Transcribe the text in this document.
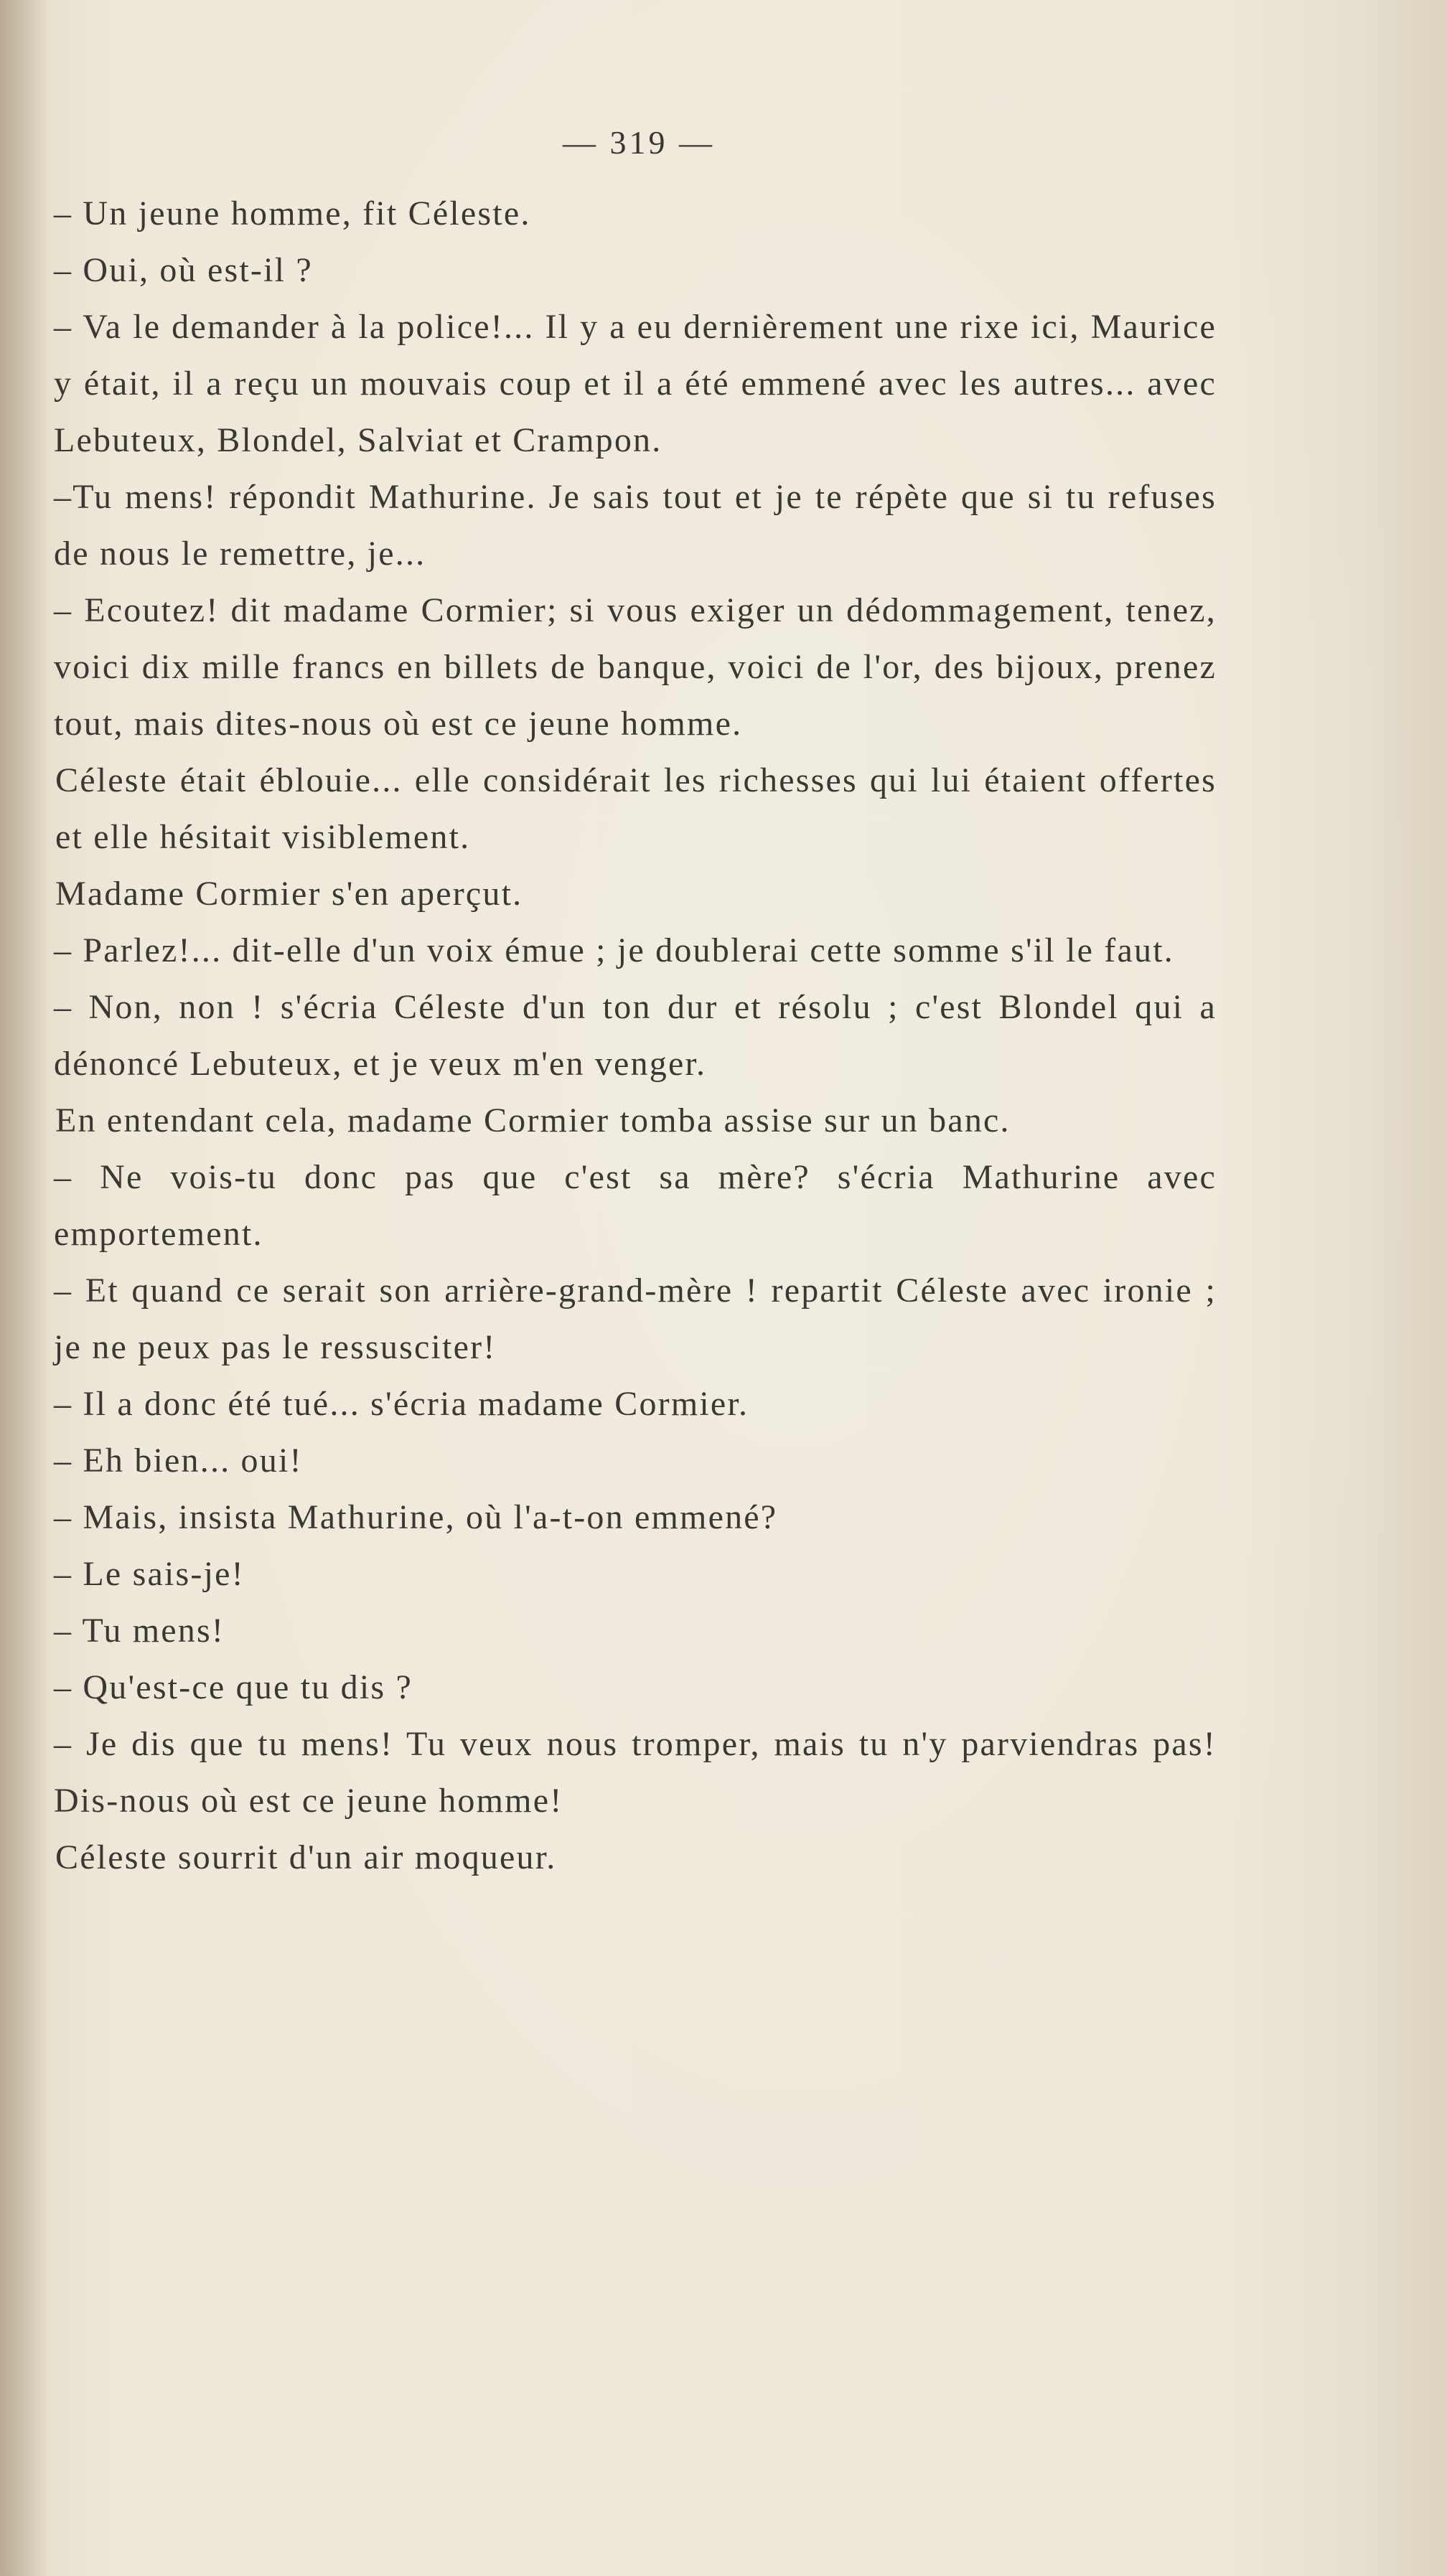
— 319 —

– Un jeune homme, fit Céleste.

– Oui, où est-il ?

– Va le demander à la police!... Il y a eu dernièrement une rixe ici, Maurice y était, il a reçu un mouvais coup et il a été emmené avec les autres... avec Lebuteux, Blondel, Salviat et Crampon.

–Tu mens! répondit Mathurine. Je sais tout et je te répète que si tu refuses de nous le remettre, je...

– Ecoutez! dit madame Cormier; si vous exiger un dédommagement, tenez, voici dix mille francs en billets de banque, voici de l'or, des bijoux, prenez tout, mais dites-nous où est ce jeune homme.

Céleste était éblouie... elle considérait les richesses qui lui étaient offertes et elle hésitait visiblement.

Madame Cormier s'en aperçut.

– Parlez!... dit-elle d'un voix émue ; je doublerai cette somme s'il le faut.

– Non, non ! s'écria Céleste d'un ton dur et résolu ; c'est Blondel qui a dénoncé Lebuteux, et je veux m'en venger.

En entendant cela, madame Cormier tomba assise sur un banc.

– Ne vois-tu donc pas que c'est sa mère? s'écria Mathurine avec emportement.

– Et quand ce serait son arrière-grand-mère ! repartit Céleste avec ironie ; je ne peux pas le ressusciter!

– Il a donc été tué... s'écria madame Cormier.

– Eh bien... oui!

– Mais, insista Mathurine, où l'a-t-on emmené?

– Le sais-je!

– Tu mens!

– Qu'est-ce que tu dis ?

– Je dis que tu mens! Tu veux nous tromper, mais tu n'y parviendras pas! Dis-nous où est ce jeune homme!

Céleste sourrit d'un air moqueur.
